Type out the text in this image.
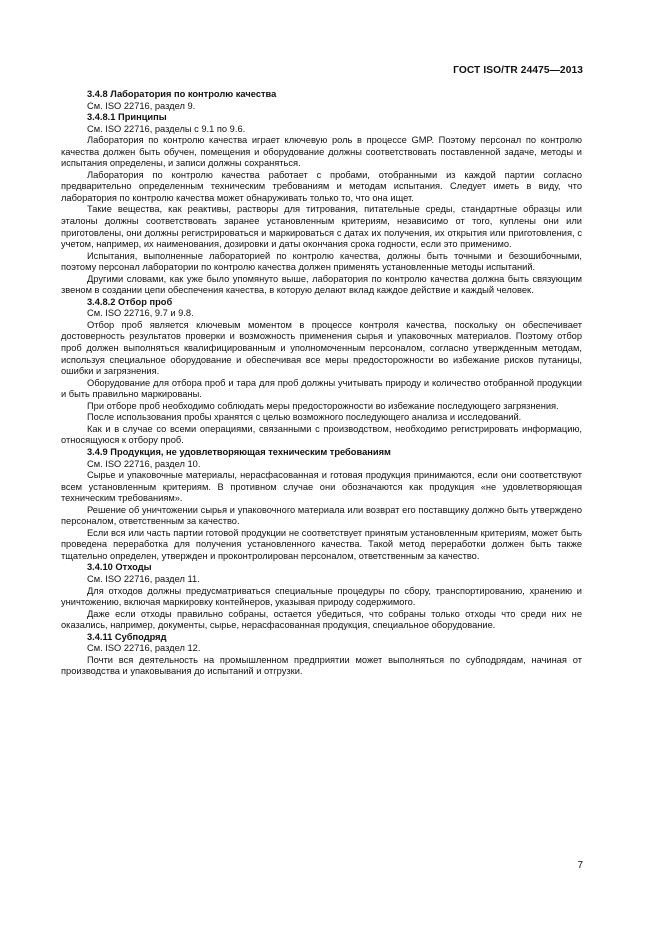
ГОСТ ISO/TR 24475—2013

3.4.8 Лаборатория по контролю качества

См. ISO 22716, раздел 9.

3.4.8.1 Принципы

См. ISO 22716, разделы с 9.1 по 9.6.

Лаборатория по контролю качества играет ключевую роль в процессе GMP. Поэтому персонал по контролю качества должен быть обучен, помещения и оборудование должны соответствовать поставленной задаче, методы и испытания определены, и записи должны сохраняться.

Лаборатория по контролю качества работает с пробами, отобранными из каждой партии согласно предварительно определенным техническим требованиям и методам испытания. Следует иметь в виду, что лаборатория по контролю качества может обнаруживать только то, что она ищет.

Такие вещества, как реактивы, растворы для титрования, питательные среды, стандартные образцы или эталоны должны соответствовать заранее установленным критериям, независимо от того, куплены они или приготовлены, они должны регистрироваться и маркироваться с датах их получения, их открытия или приготовления, с учетом, например, их наименования, дозировки и даты окончания срока годности, если это применимо.

Испытания, выполненные лабораторией по контролю качества, должны быть точными и безошибочными, поэтому персонал лаборатории по контролю качества должен применять установленные методы испытаний.

Другими словами, как уже было упомянуто выше, лаборатория по контролю качества должна быть связующим звеном в создании цепи обеспечения качества, в которую делают вклад каждое действие и каждый человек.

3.4.8.2 Отбор проб

См. ISO 22716, 9.7 и 9.8.

Отбор проб является ключевым моментом в процессе контроля качества, поскольку он обеспечивает достоверность результатов проверки и возможность применения сырья и упаковочных материалов. Поэтому отбор проб должен выполняться квалифицированным и уполномоченным персоналом, согласно утвержденным методам, используя специальное оборудование и обеспечивая все меры предосторожности во избежание рисков путаницы, ошибки и загрязнения.

Оборудование для отбора проб и тара для проб должны учитывать природу и количество отобранной продукции и быть правильно маркированы.

При отборе проб необходимо соблюдать меры предосторожности во избежание последующего загрязнения.

После использования пробы хранятся с целью возможного последующего анализа и исследований.

Как и в случае со всеми операциями, связанными с производством, необходимо регистрировать информацию, относящуюся к отбору проб.

3.4.9 Продукция, не удовлетворяющая техническим требованиям

См. ISO 22716, раздел 10.

Сырье и упаковочные материалы, нерасфасованная и готовая продукция принимаются, если они соответствуют всем установленным критериям. В противном случае они обозначаются как продукция «не удовлетворяющая техническим требованиям».

Решение об уничтожении сырья и упаковочного материала или возврат его поставщику должно быть утверждено персоналом, ответственным за качество.

Если вся или часть партии готовой продукции не соответствует принятым установленным критериям, может быть проведена переработка для получения установленного качества. Такой метод переработки должен быть также тщательно определен, утвержден и проконтролирован персоналом, ответственным за качество.

3.4.10 Отходы

См. ISO 22716, раздел 11.

Для отходов должны предусматриваться специальные процедуры по сбору, транспортированию, хранению и уничтожению, включая маркировку контейнеров, указывая природу содержимого.

Даже если отходы правильно собраны, остается убедиться, что собраны только отходы что среди них не оказались, например, документы, сырье, нерасфасованная продукция, специальное оборудование.

3.4.11 Субподряд

См. ISO 22716, раздел 12.

Почти вся деятельность на промышленном предприятии может выполняться по субподрядам, начиная от производства и упаковывания до испытаний и отгрузки.

7
